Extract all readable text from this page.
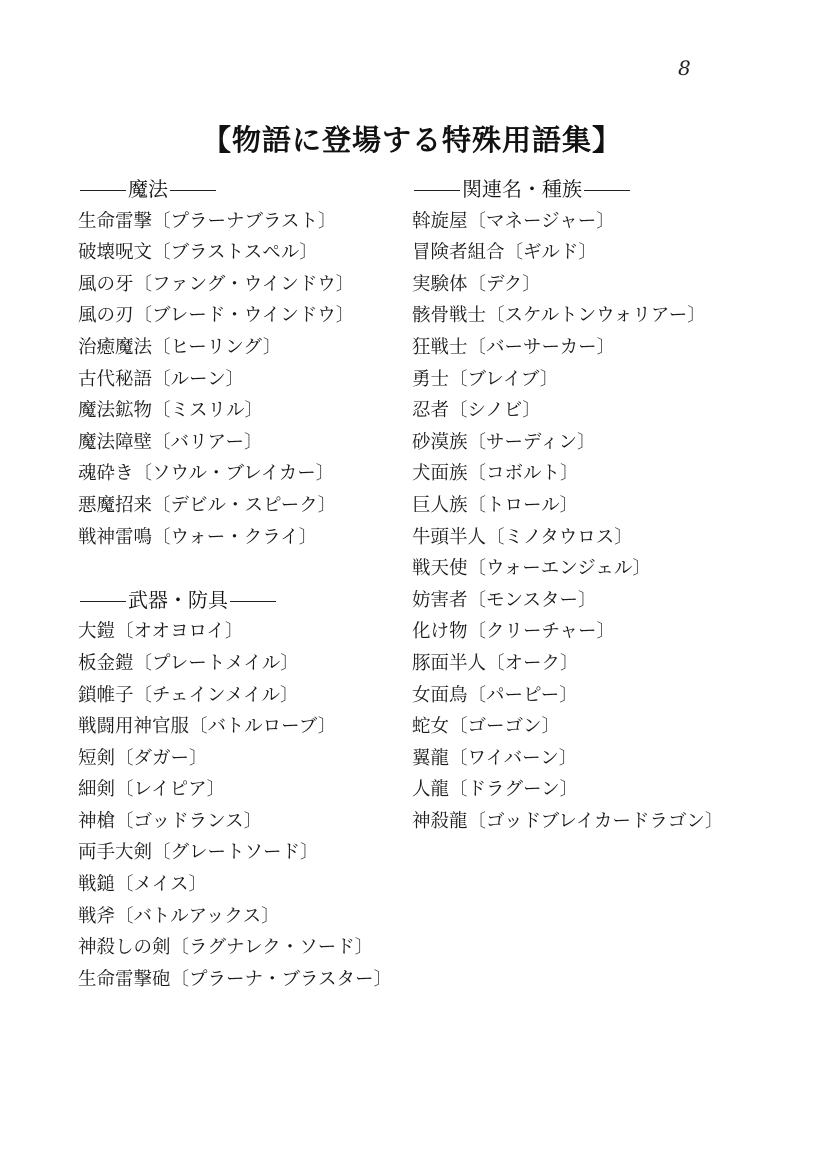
8
【物語に登場する特殊用語集】
魔法
生命雷撃〔プラーナブラスト〕
破壊呪文〔ブラストスペル〕
風の牙〔ファング・ウインドウ〕
風の刃〔ブレード・ウインドウ〕
治癒魔法〔ヒーリング〕
古代秘語〔ルーン〕
魔法鉱物〔ミスリル〕
魔法障壁〔バリアー〕
魂砕き〔ソウル・ブレイカー〕
悪魔招来〔デビル・スピーク〕
戦神雷鳴〔ウォー・クライ〕
武器・防具
大鎧〔オオヨロイ〕
板金鎧〔プレートメイル〕
鎖帷子〔チェインメイル〕
戦闘用神官服〔バトルローブ〕
短剣〔ダガー〕
細剣〔レイピア〕
神槍〔ゴッドランス〕
両手大剣〔グレートソード〕
戦鎚〔メイス〕
戦斧〔バトルアックス〕
神殺しの剣〔ラグナレク・ソード〕
生命雷撃砲〔プラーナ・ブラスター〕
関連名・種族
斡旋屋〔マネージャー〕
冒険者組合〔ギルド〕
実験体〔デク〕
骸骨戦士〔スケルトンウォリアー〕
狂戦士〔バーサーカー〕
勇士〔ブレイブ〕
忍者〔シノビ〕
砂漠族〔サーディン〕
犬面族〔コボルト〕
巨人族〔トロール〕
牛頭半人〔ミノタウロス〕
戦天使〔ウォーエンジェル〕
妨害者〔モンスター〕
化け物〔クリーチャー〕
豚面半人〔オーク〕
女面鳥〔パーピー〕
蛇女〔ゴーゴン〕
翼龍〔ワイバーン〕
人龍〔ドラグーン〕
神殺龍〔ゴッドブレイカードラゴン〕
